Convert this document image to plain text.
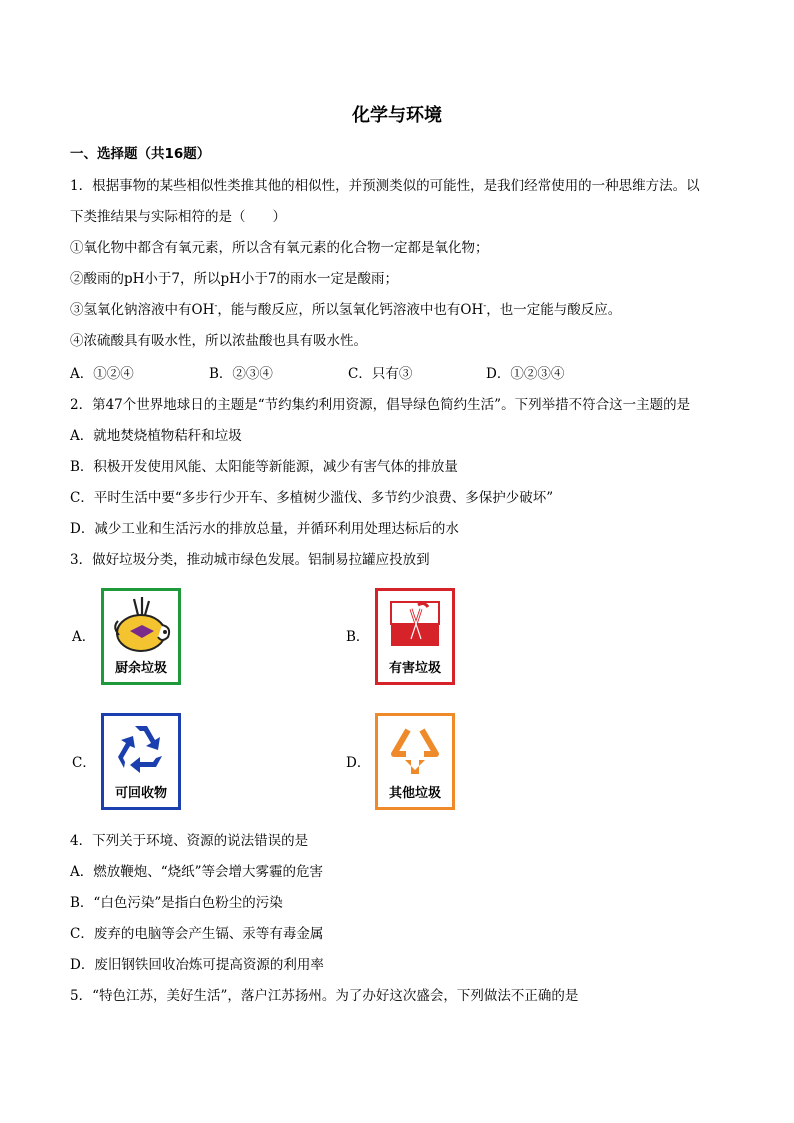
化学与环境
一、选择题（共16题）
1．根据事物的某些相似性类推其他的相似性，并预测类似的可能性，是我们经常使用的一种思维方法。以
下类推结果与实际相符的是（　　）
①氧化物中都含有氧元素，所以含有氧元素的化合物一定都是氧化物；
②酸雨的pH小于7，所以pH小于7的雨水一定是酸雨；
③氢氧化钠溶液中有OH-，能与酸反应，所以氢氧化钙溶液中也有OH-，也一定能与酸反应。
④浓硫酸具有吸水性，所以浓盐酸也具有吸水性。
A．①②④	B．②③④	C．只有③	D．①②③④
2．第47个世界地球日的主题是“节约集约利用资源，倡导绿色简约生活”。下列举措不符合这一主题的是
A．就地焚烧植物秸秆和垃圾
B．积极开发使用风能、太阳能等新能源，减少有害气体的排放量
C．平时生活中要“多步行少开车、多植树少滥伐、多节约少浪费、多保护少破坏”
D．减少工业和生活污水的排放总量，并循环利用处理达标后的水
3．做好垃圾分类，推动城市绿色发展。铝制易拉罐应投放到
A．
厨余垃圾
B．
有害垃圾
C．
可回收物
D．
其他垃圾
4．下列关于环境、资源的说法错误的是
A．燃放鞭炮、“烧纸”等会增大雾霾的危害
B．“白色污染”是指白色粉尘的污染
C．废弃的电脑等会产生镉、汞等有毒金属
D．废旧钢铁回收冶炼可提高资源的利用率
5．“特色江苏，美好生活”，落户江苏扬州。为了办好这次盛会，下列做法不正确的是
